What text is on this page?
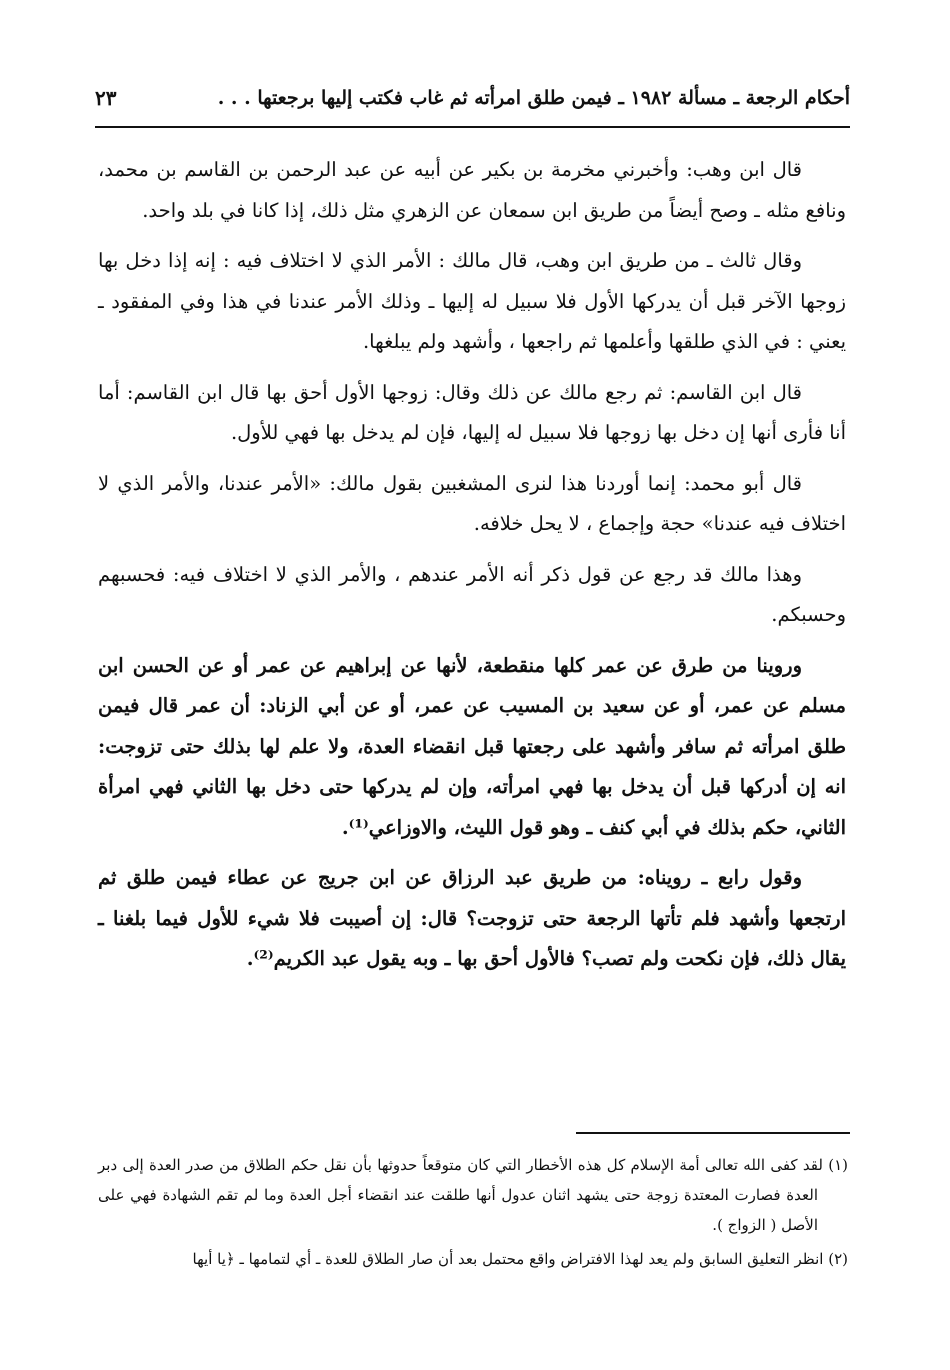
أحكام الرجعة ـ مسألة ١٩٨٢ ـ فيمن طلق امرأته ثم غاب فكتب إليها برجعتها . . .
٢٣

قال ابن وهب: وأخبرني مخرمة بن بكير عن أبيه عن عبد الرحمن بن القاسم بن محمد، ونافع مثله ـ وصح أيضاً من طريق ابن سمعان عن الزهري مثل ذلك، إذا كانا في بلد واحد.

وقال ثالث ـ من طريق ابن وهب، قال مالك : الأمر الذي لا اختلاف فيه : إنه إذا دخل بها زوجها الآخر قبل أن يدركها الأول فلا سبيل له إليها ـ وذلك الأمر عندنا في هذا وفي المفقود ـ يعني : في الذي طلقها وأعلمها ثم راجعها ، وأشهد ولم يبلغها.

قال ابن القاسم: ثم رجع مالك عن ذلك وقال: زوجها الأول أحق بها قال ابن القاسم: أما أنا فأرى أنها إن دخل بها زوجها فلا سبيل له إليها، فإن لم يدخل بها فهي للأول.

قال أبو محمد: إنما أوردنا هذا لنرى المشغبين بقول مالك: «الأمر عندنا، والأمر الذي لا اختلاف فيه عندنا» حجة وإجماع ، لا يحل خلافه.

وهذا مالك قد رجع عن قول ذكر أنه الأمر عندهم ، والأمر الذي لا اختلاف فيه: فحسبهم وحسبكم.

وروينا من طرق عن عمر كلها منقطعة، لأنها عن إبراهيم عن عمر أو عن الحسن ابن مسلم عن عمر، أو عن سعيد بن المسيب عن عمر، أو عن أبي الزناد: أن عمر قال فيمن طلق امرأته ثم سافر وأشهد على رجعتها قبل انقضاء العدة، ولا علم لها بذلك حتى تزوجت: انه إن أدركها قبل أن يدخل بها فهي امرأته، وإن لم يدركها حتى دخل بها الثاني فهي امرأة الثاني، حكم بذلك في أبي كنف ـ وهو قول الليث، والاوزاعي⁽¹⁾.

وقول رابع ـ رويناه: من طريق عبد الرزاق عن ابن جريج عن عطاء فيمن طلق ثم ارتجعها وأشهد فلم تأتها الرجعة حتى تزوجت؟ قال: إن أصيبت فلا شيء للأول فيما بلغنا ـ يقال ذلك، فإن نكحت ولم تصب؟ فالأول أحق بها ـ وبه يقول عبد الكريم⁽²⁾.

(١) لقد كفى الله تعالى أمة الإسلام كل هذه الأخطار التي كان متوقعاً حدوثها بأن نقل حكم الطلاق من صدر العدة إلى دبر العدة فصارت المعتدة زوجة حتى يشهد اثنان عدول أنها طلقت عند انقضاء أجل العدة وما لم تقم الشهادة فهي على الأصل ( الزواج ).

(٢) انظر التعليق السابق ولم يعد لهذا الافتراض واقع محتمل بعد أن صار الطلاق للعدة ـ أي لتمامها ـ ﴿يا أيها
